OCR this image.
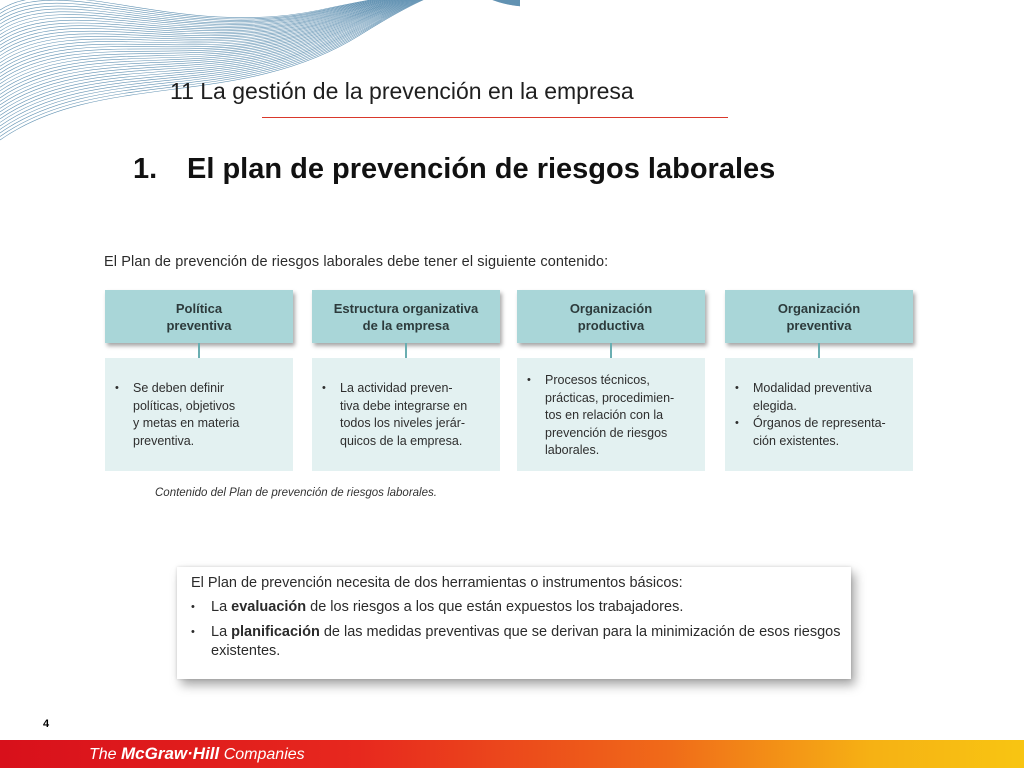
11 La gestión de la prevención en la empresa
1. El plan de prevención de riesgos laborales
El Plan de prevención de riesgos laborales debe tener el siguiente contenido:
Política
preventiva
• Se deben definir
políticas, objetivos
y metas en materia
preventiva.
Estructura organizativa
de la empresa
• La actividad preven-
tiva debe integrarse en
todos los niveles jerár-
quicos de la empresa.
Organización
productiva
• Procesos técnicos,
prácticas, procedimien-
tos en relación con la
prevención de riesgos
laborales.
Organización
preventiva
• Modalidad preventiva
elegida.
• Órganos de representa-
ción existentes.
Contenido del Plan de prevención de riesgos laborales.
El Plan de prevención necesita de dos herramientas o instrumentos básicos:
• La evaluación de los riesgos a los que están expuestos los trabajadores.
• La planificación de las medidas preventivas que se derivan para la minimización de esos riesgos existentes.
4
The McGraw·Hill Companies
